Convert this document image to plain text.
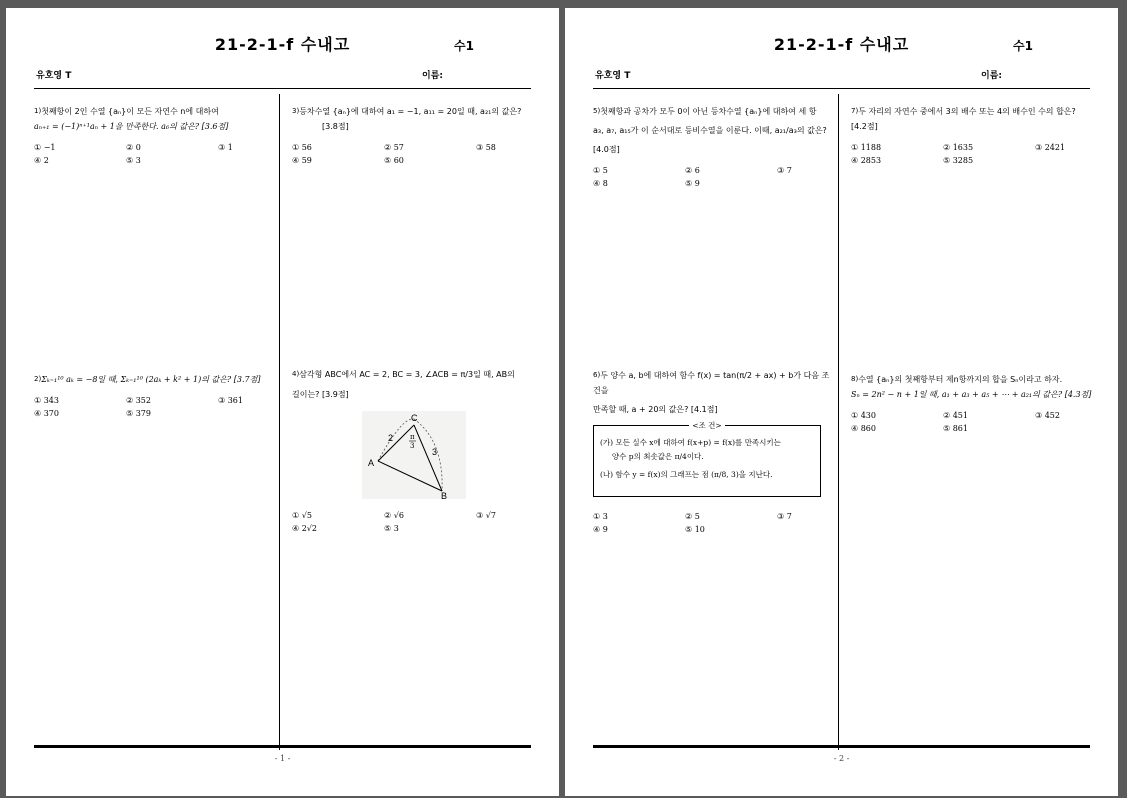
21-2-1-f 수내고	수1
유호영 T	이름:
1)첫째항이 2인 수열 {aₙ}이 모든 자연수 n에 대하여
aₙ₊₁ = (−1)ⁿ⁺¹aₙ + 1을 만족한다. a₆의 값은? [3.6점]
① −1	② 0	③ 1
④ 2	⑤ 3
2)Σₖ₌₁¹⁰ aₖ = −8일 때, Σₖ₌₁¹⁰ (2aₖ + k² + 1)의 값은? [3.7점]
① 343	② 352	③ 361
④ 370	⑤ 379
3)등차수열 {aₙ}에 대하여 a₁ = −1, a₁₁ = 20일 때, a₂₁의 값은?
[3.8점]
① 56	② 57	③ 58
④ 59	⑤ 60
4)삼각형 ABC에서 AC = 2, BC = 3, ∠ACB = π/3일 때, AB의
길이는? [3.9점]
C
A
B
2
3
π
3
① √5	② √6	③ √7
④ 2√2	⑤ 3
- 1 -
21-2-1-f 수내고	수1
유호영 T	이름:
5)첫째항과 공차가 모두 0이 아닌 등차수열 {aₙ}에 대하여 세 항
a₃, a₇, a₁₅가 이 순서대로 등비수열을 이룬다. 이때, a₂₁/a₃의 값은?
[4.0점]
① 5	② 6	③ 7
④ 8	⑤ 9
6)두 양수 a, b에 대하여 함수 f(x) = tan(π/2 + ax) + b가 다음 조건을
만족할 때, a + 20의 값은? [4.1점]
<조 건>
(가) 모든 실수 x에 대하여 f(x+p) = f(x)를 만족시키는
양수 p의 최솟값은 π/4이다.
(나) 함수 y = f(x)의 그래프는 점 (π/8, 3)을 지난다.
① 3	② 5	③ 7
④ 9	⑤ 10
7)두 자리의 자연수 중에서 3의 배수 또는 4의 배수인 수의 합은?
[4.2점]
① 1188	② 1635	③ 2421
④ 2853	⑤ 3285
8)수열 {aₙ}의 첫째항부터 제n항까지의 합을 Sₙ이라고 하자.
Sₙ = 2n² − n + 1일 때, a₁ + a₃ + a₅ + ⋯ + a₂₁의 값은? [4.3점]
① 430	② 451	③ 452
④ 860	⑤ 861
- 2 -
